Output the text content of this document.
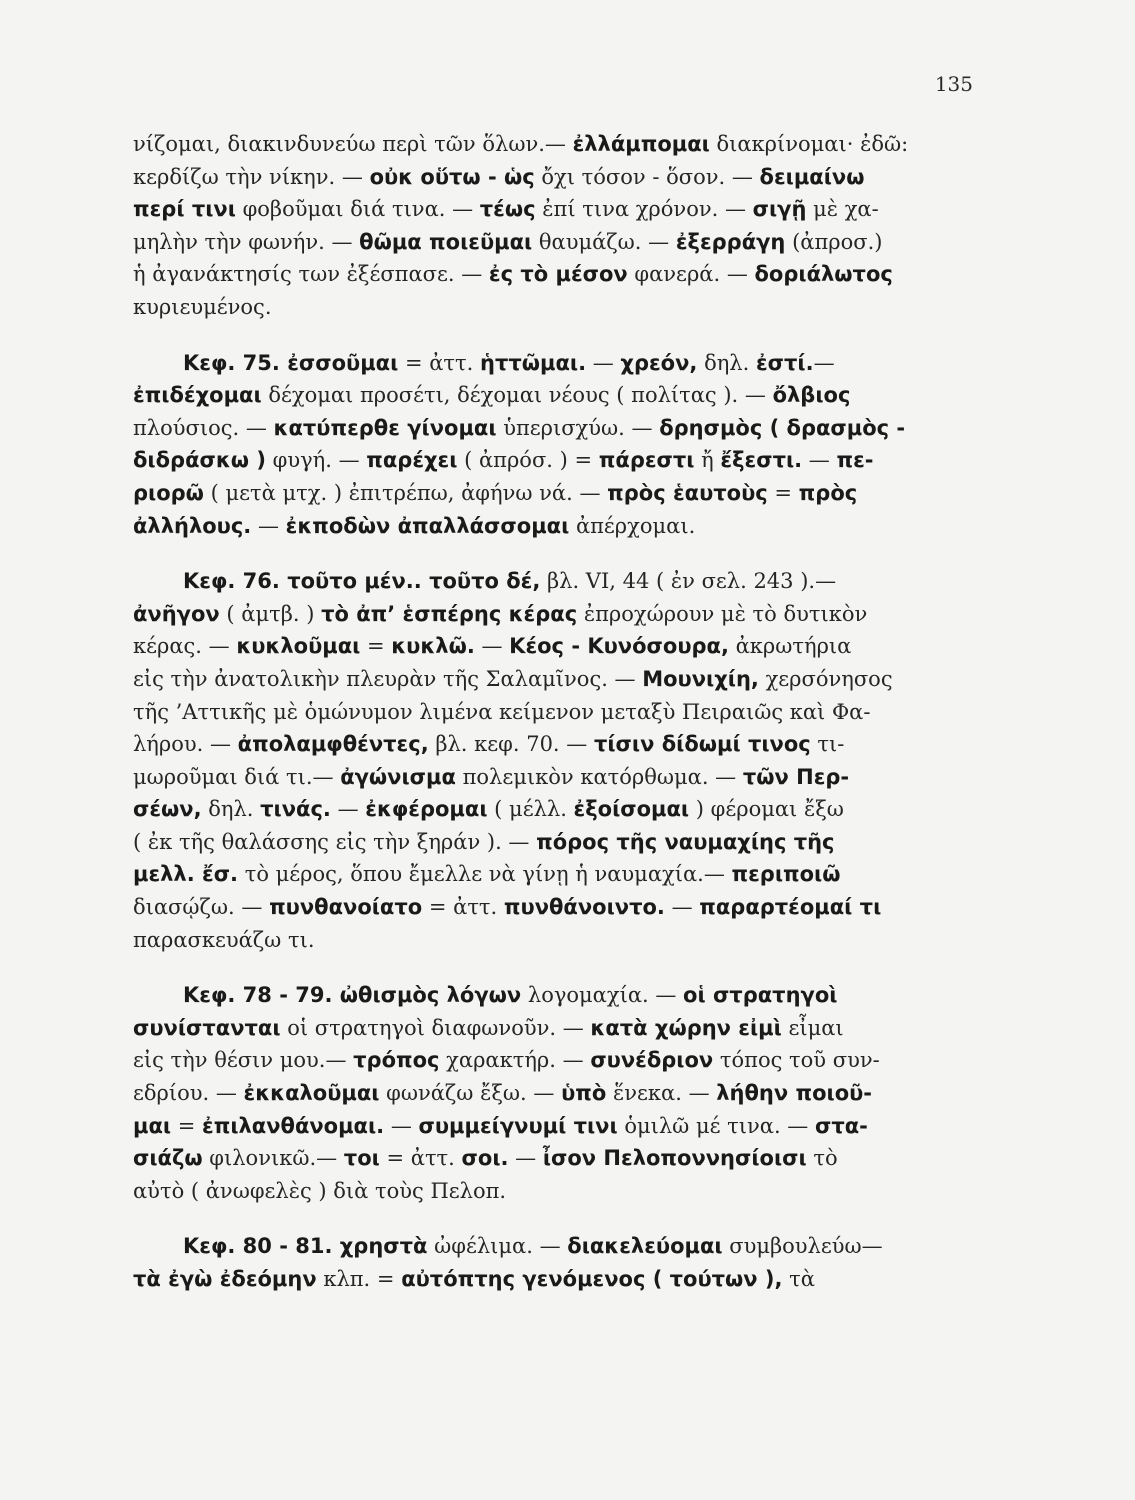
135
νίζομαι, διακινδυνεύω περὶ τῶν ὅλων.— ἐλλάμπομαι διακρίνομαι· ἐδῶ:
κερδίζω τὴν νίκην. — οὐκ οὕτω - ὡς ὄχι τόσον - ὅσον. — δειμαίνω
περί τινι φοβοῦμαι διά τινα. — τέως ἐπί τινα χρόνον. — σιγῇ μὲ χα-
μηλὴν τὴν φωνήν. — θῶμα ποιεῦμαι θαυμάζω. — ἐξερράγη (ἀπροσ.)
ἡ ἀγανάκτησίς των ἐξέσπασε. — ἐς τὸ μέσον φανερά. — δοριάλωτος
κυριευμένος.
Κεφ. 75. ἐσσοῦμαι = ἀττ. ἡττῶμαι. — χρεόν, δηλ. ἐστί.—
ἐπιδέχομαι δέχομαι προσέτι, δέχομαι νέους ( πολίτας ). — ὄλβιος
πλούσιος. — κατύπερθε γίνομαι ὑπερισχύω. — δρησμὸς ( δρασμὸς -
διδράσκω ) φυγή. — παρέχει ( ἀπρόσ. ) = πάρεστι ἤ ἔξεστι. — πε-
ριορῶ ( μετὰ μτχ. ) ἐπιτρέπω, ἀφήνω νά. — πρὸς ἑαυτοὺς = πρὸς
ἀλλήλους. — ἐκποδὼν ἀπαλλάσσομαι ἀπέρχομαι.
Κεφ. 76. τοῦτο μέν.. τοῦτο δέ, βλ. VI, 44 ( ἐν σελ. 243 ).—
ἀνῆγον ( ἀμτβ. ) τὸ ἀπ’ ἑσπέρης κέρας ἐπροχώρουν μὲ τὸ δυτικὸν
κέρας. — κυκλοῦμαι = κυκλῶ. — Κέος - Κυνόσουρα, ἀκρωτήρια
εἰς τὴν ἀνατολικὴν πλευρὰν τῆς Σαλαμῖνος. — Μουνιχίη, χερσόνησος
τῆς ’Αττικῆς μὲ ὁμώνυμον λιμένα κείμενον μεταξὺ Πειραιῶς καὶ Φα-
λήρου. — ἀπολαμφθέντες, βλ. κεφ. 70. — τίσιν δίδωμί τινος τι-
μωροῦμαι διά τι.— ἀγώνισμα πολεμικὸν κατόρθωμα. — τῶν Περ-
σέων, δηλ. τινάς. — ἐκφέρομαι ( μέλλ. ἐξοίσομαι ) φέρομαι ἔξω
( ἐκ τῆς θαλάσσης εἰς τὴν ξηράν ). — πόρος τῆς ναυμαχίης τῆς
μελλ. ἔσ. τὸ μέρος, ὅπου ἔμελλε νὰ γίνῃ ἡ ναυμαχία.— περιποιῶ
διασῴζω. — πυνθανοίατο = ἀττ. πυνθάνοιντο. — παραρτέομαί τι
παρασκευάζω τι.
Κεφ. 78 - 79. ὠθισμὸς λόγων λογομαχία. — οἱ στρατηγοὶ
συνίστανται οἱ στρατηγοὶ διαφωνοῦν. — κατὰ χώρην εἰμὶ εἶμαι
εἰς τὴν θέσιν μου.— τρόπος χαρακτήρ. — συνέδριον τόπος τοῦ συν-
εδρίου. — ἐκκαλοῦμαι φωνάζω ἔξω. — ὑπὸ ἕνεκα. — λήθην ποιοῦ-
μαι = ἐπιλανθάνομαι. — συμμείγνυμί τινι ὁμιλῶ μέ τινα. — στα-
σιάζω φιλονικῶ.— τοι = ἀττ. σοι. — ἶσον Πελοποννησίοισι τὸ
αὐτὸ ( ἀνωφελὲς ) διὰ τοὺς Πελοπ.
Κεφ. 80 - 81. χρηστὰ ὠφέλιμα. — διακελεύομαι συμβουλεύω—
τὰ ἐγὼ ἐδεόμην κλπ. = αὐτόπτης γενόμενος ( τούτων ), τὰ
